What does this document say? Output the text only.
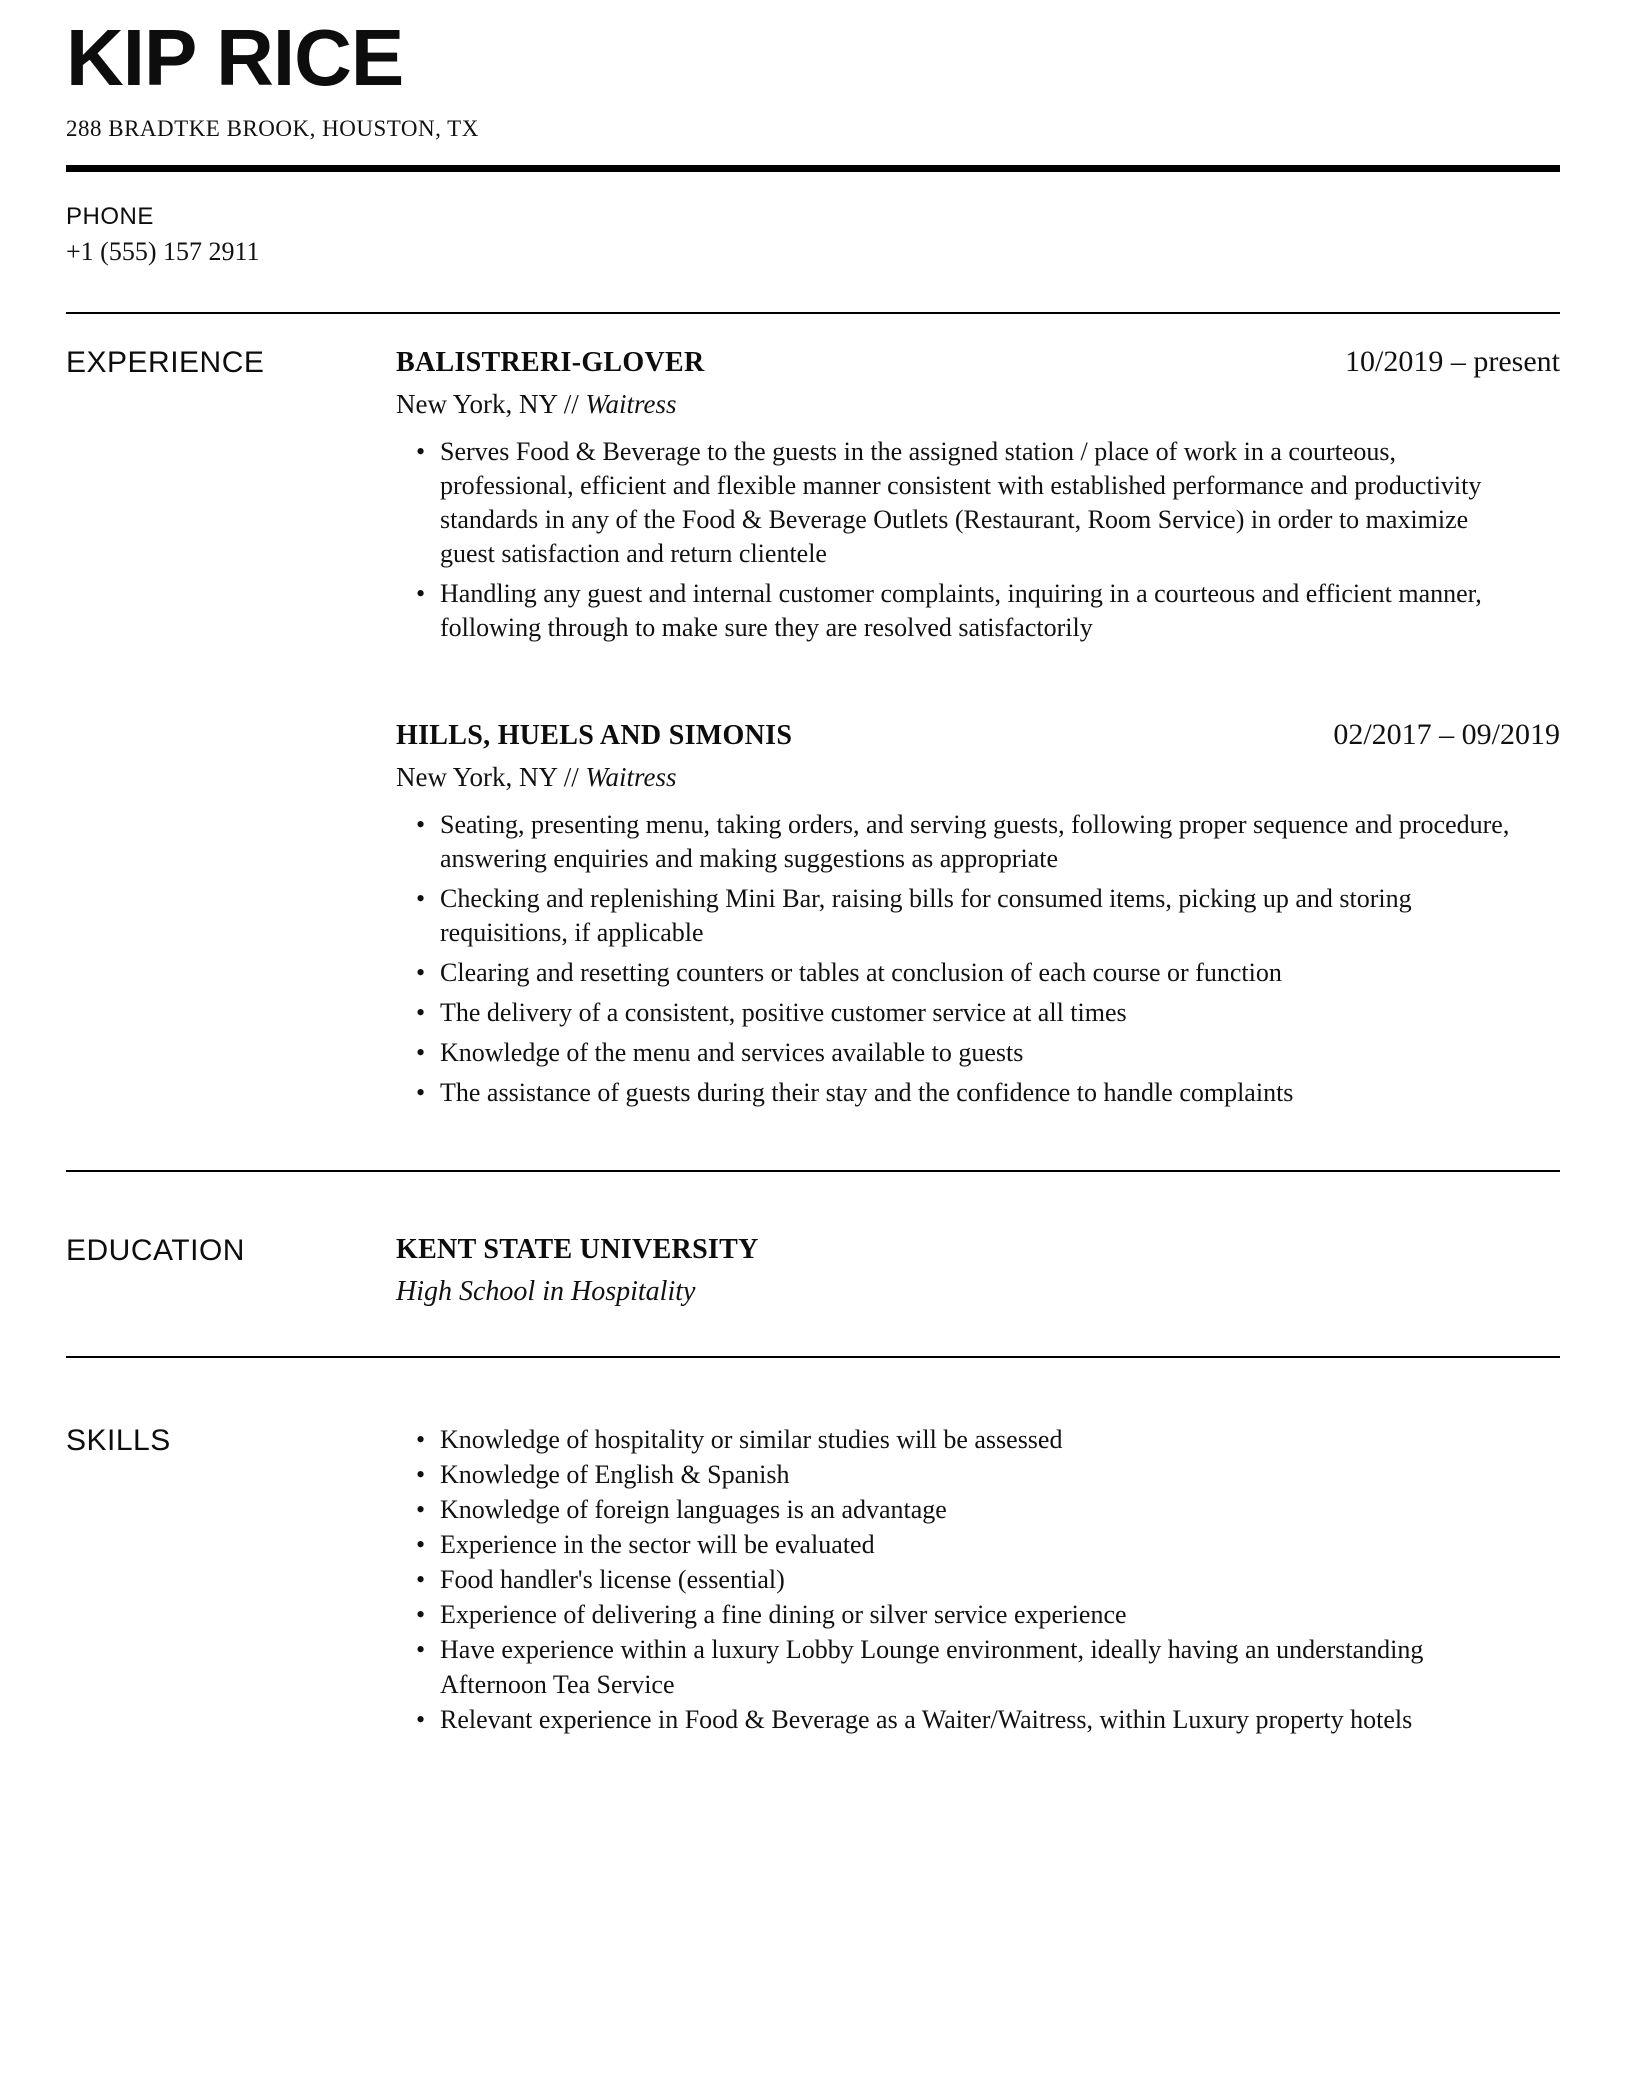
KIP RICE
288 BRADTKE BROOK, HOUSTON, TX
PHONE
+1 (555) 157 2911
EXPERIENCE	BALISTRERI-GLOVER	10/2019 – present
New York, NY // Waitress
• Serves Food & Beverage to the guests in the assigned station / place of work in a courteous, professional, efficient and flexible manner consistent with established performance and productivity standards in any of the Food & Beverage Outlets (Restaurant, Room Service) in order to maximize guest satisfaction and return clientele
• Handling any guest and internal customer complaints, inquiring in a courteous and efficient manner, following through to make sure they are resolved satisfactorily
HILLS, HUELS AND SIMONIS	02/2017 – 09/2019
New York, NY // Waitress
• Seating, presenting menu, taking orders, and serving guests, following proper sequence and procedure, answering enquiries and making suggestions as appropriate
• Checking and replenishing Mini Bar, raising bills for consumed items, picking up and storing requisitions, if applicable
• Clearing and resetting counters or tables at conclusion of each course or function
• The delivery of a consistent, positive customer service at all times
• Knowledge of the menu and services available to guests
• The assistance of guests during their stay and the confidence to handle complaints
EDUCATION	KENT STATE UNIVERSITY
High School in Hospitality
SKILLS	• Knowledge of hospitality or similar studies will be assessed
• Knowledge of English & Spanish
• Knowledge of foreign languages is an advantage
• Experience in the sector will be evaluated
• Food handler's license (essential)
• Experience of delivering a fine dining or silver service experience
• Have experience within a luxury Lobby Lounge environment, ideally having an understanding Afternoon Tea Service
• Relevant experience in Food & Beverage as a Waiter/Waitress, within Luxury property hotels
